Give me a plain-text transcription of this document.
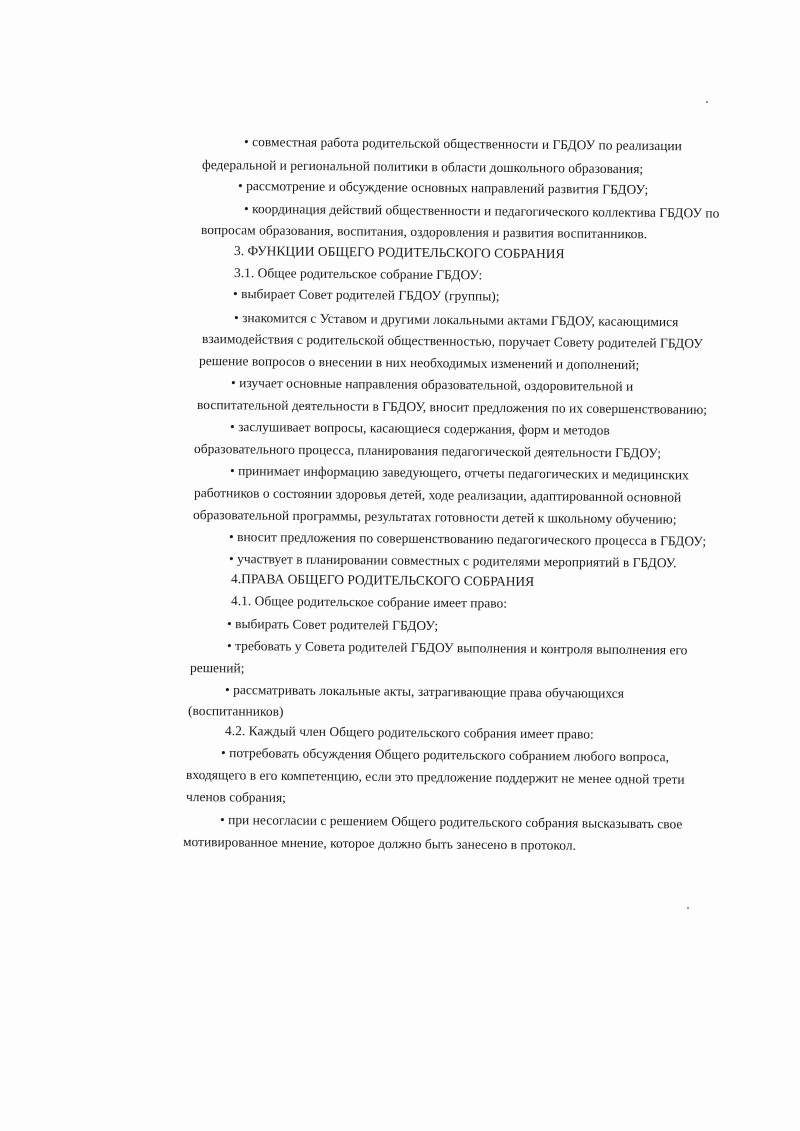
• совместная работа родительской общественности и ГБДОУ по реализации
федеральной и региональной политики в области дошкольного образования;
• рассмотрение и обсуждение основных направлений развития ГБДОУ;
• координация действий общественности и педагогического коллектива ГБДОУ по
вопросам образования, воспитания, оздоровления и развития воспитанников.
3. ФУНКЦИИ ОБЩЕГО РОДИТЕЛЬСКОГО СОБРАНИЯ
3.1. Общее родительское собрание ГБДОУ:
• выбирает Совет родителей ГБДОУ (группы);
• знакомится с Уставом и другими локальными актами ГБДОУ, касающимися
взаимодействия с родительской общественностью, поручает Совету родителей ГБДОУ
решение вопросов о внесении в них необходимых изменений и дополнений;
• изучает основные направления образовательной, оздоровительной и
воспитательной деятельности в ГБДОУ, вносит предложения по их совершенствованию;
• заслушивает вопросы, касающиеся содержания, форм и методов
образовательного процесса, планирования педагогической деятельности ГБДОУ;
• принимает информацию заведующего, отчеты педагогических и медицинских
работников о состоянии здоровья детей, ходе реализации, адаптированной основной
образовательной программы, результатах готовности детей к школьному обучению;
• вносит предложения по совершенствованию педагогического процесса в ГБДОУ;
• участвует в планировании совместных с родителями мероприятий в ГБДОУ.
4.ПРАВА ОБЩЕГО РОДИТЕЛЬСКОГО СОБРАНИЯ
4.1. Общее родительское собрание имеет право:
• выбирать Совет родителей ГБДОУ;
• требовать у Совета родителей ГБДОУ выполнения и контроля выполнения его
решений;
• рассматривать локальные акты, затрагивающие права обучающихся
(воспитанников)
4.2. Каждый член Общего родительского собрания имеет право:
• потребовать обсуждения Общего родительского собранием любого вопроса,
входящего в его компетенцию, если это предложение поддержит не менее одной трети
членов собрания;
• при несогласии с решением Общего родительского собрания высказывать свое
мотивированное мнение, которое должно быть занесено в протокол.
